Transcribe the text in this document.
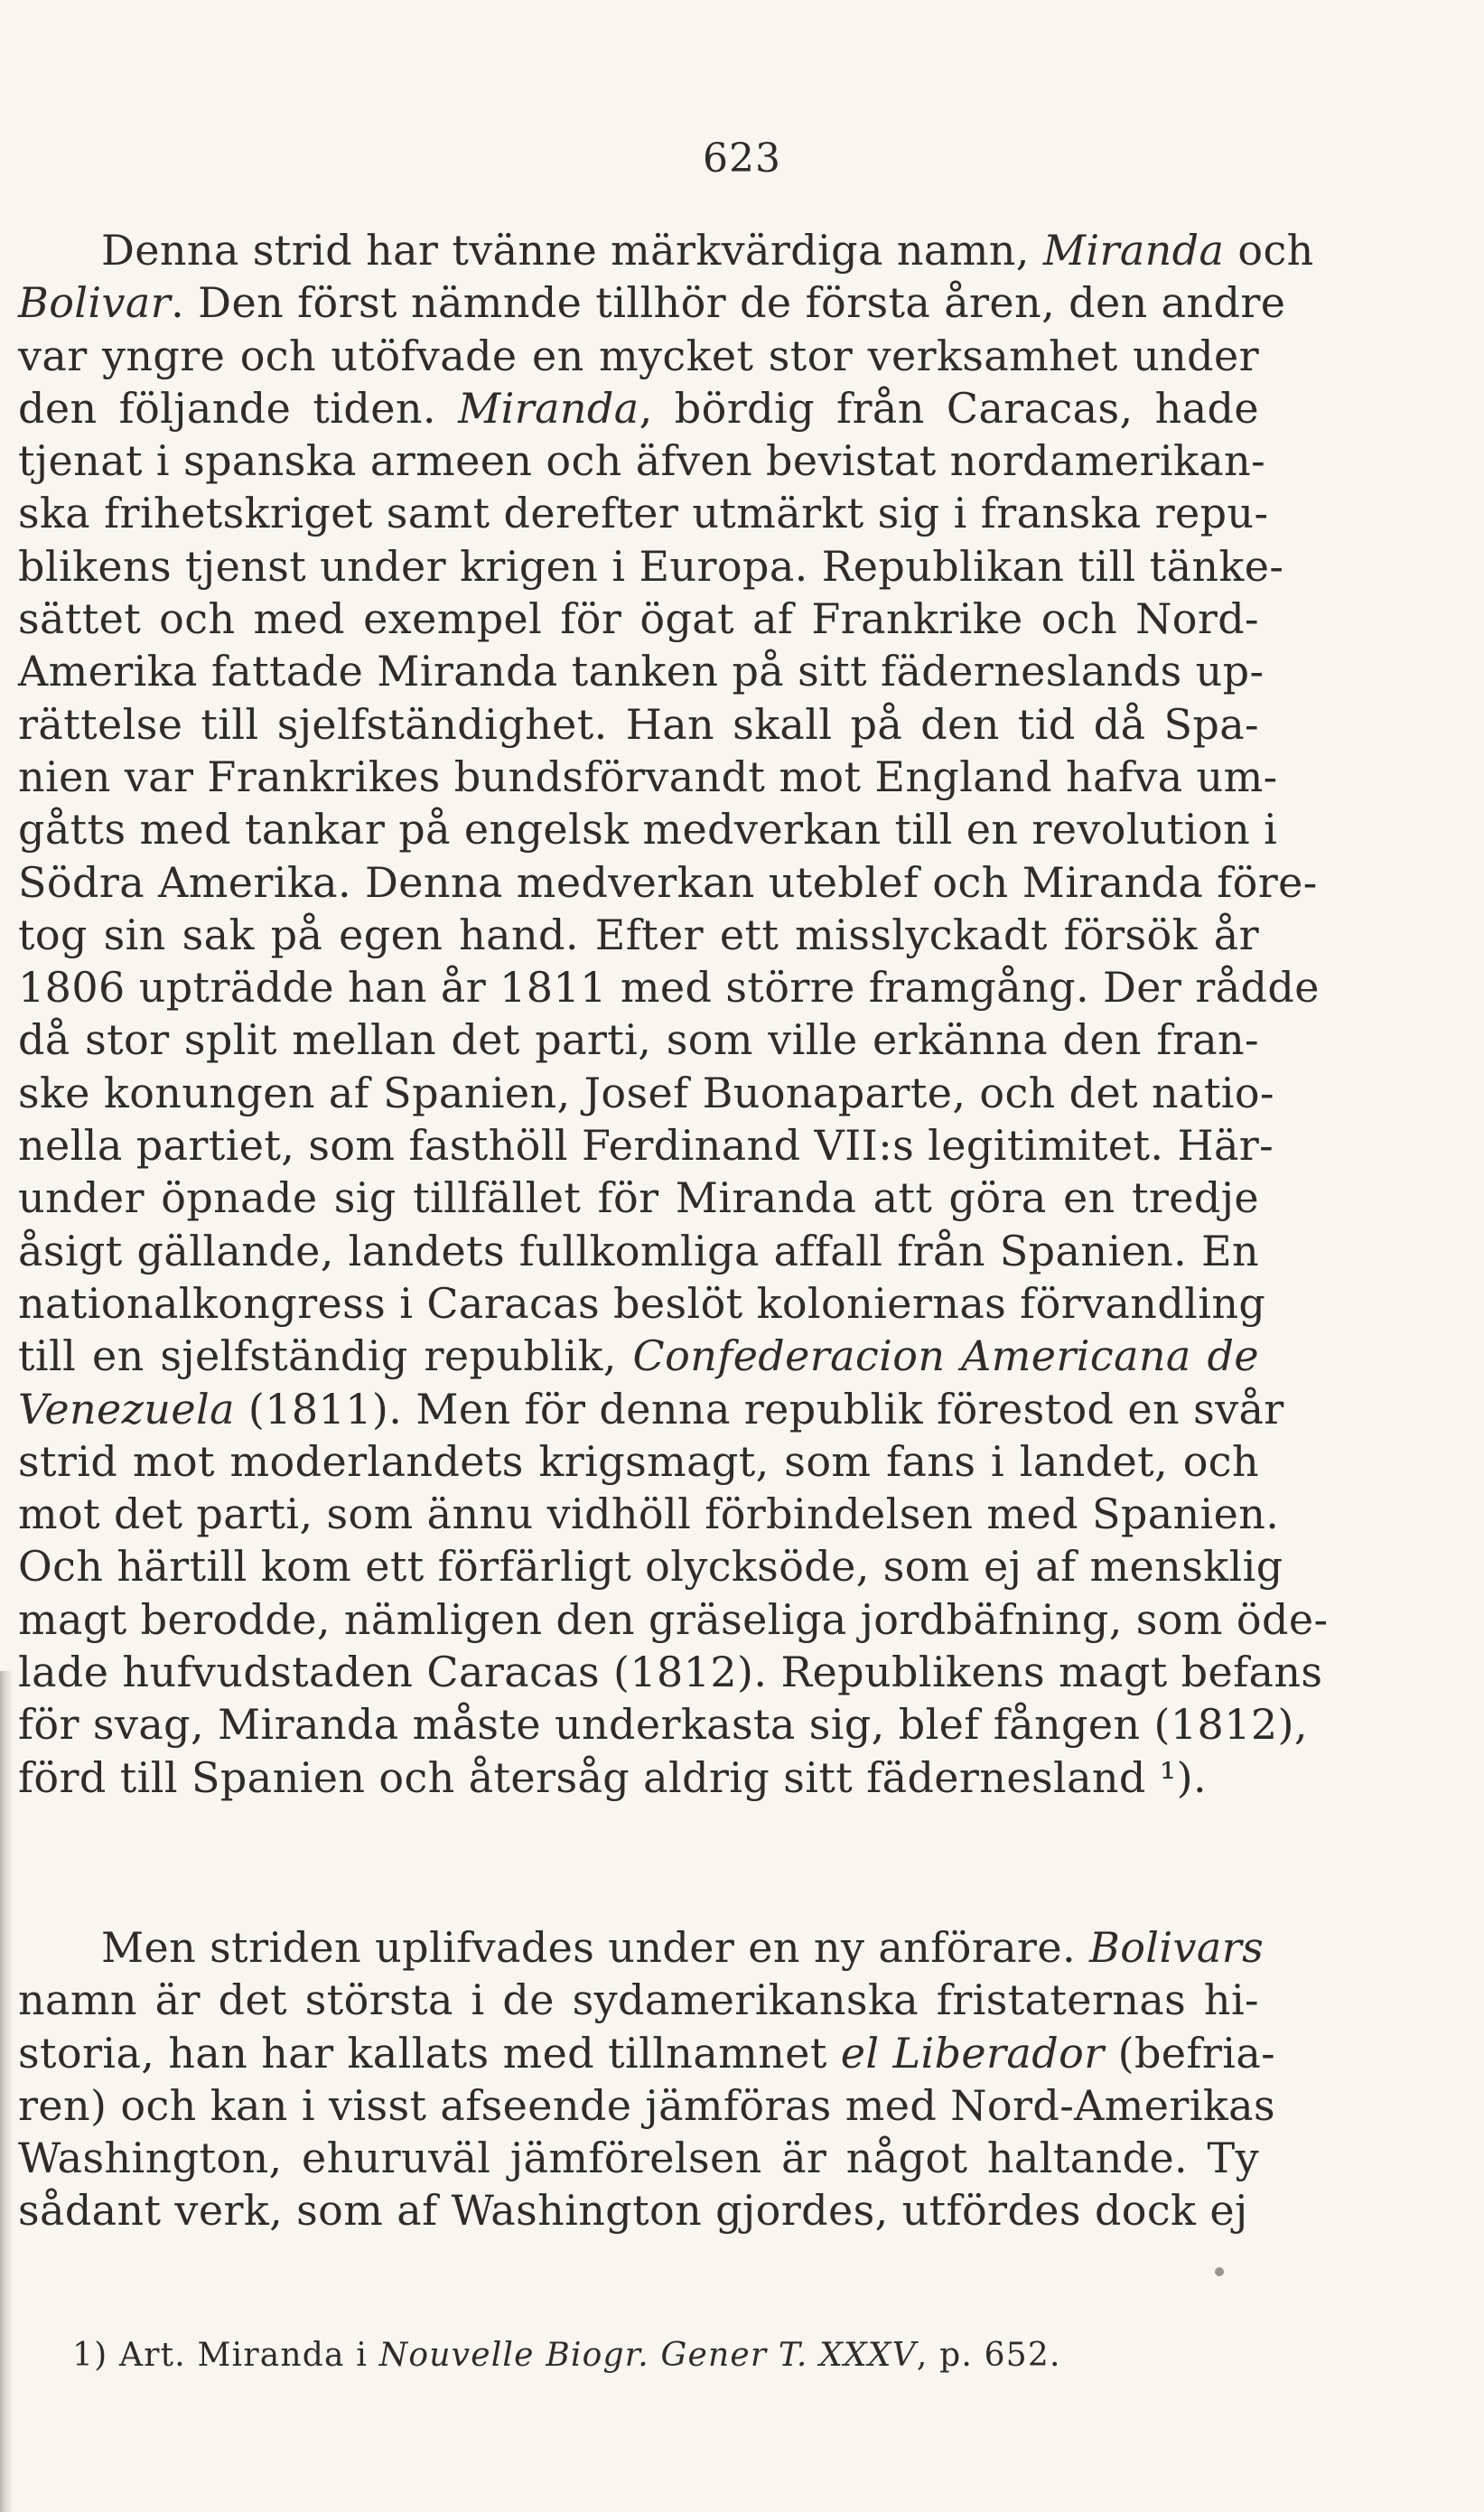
623
Denna strid har tvänne märkvärdiga namn, Miranda och
Bolivar. Den först nämnde tillhör de första åren, den andre
var yngre och utöfvade en mycket stor verksamhet under
den följande tiden. Miranda, bördig från Caracas, hade
tjenat i spanska armeen och äfven bevistat nordamerikan-
ska frihetskriget samt derefter utmärkt sig i franska repu-
blikens tjenst under krigen i Europa. Republikan till tänke-
sättet och med exempel för ögat af Frankrike och Nord-
Amerika fattade Miranda tanken på sitt fäderneslands up-
rättelse till sjelfständighet. Han skall på den tid då Spa-
nien var Frankrikes bundsförvandt mot England hafva um-
gåtts med tankar på engelsk medverkan till en revolution i
Södra Amerika. Denna medverkan uteblef och Miranda före-
tog sin sak på egen hand. Efter ett misslyckadt försök år
1806 upträdde han år 1811 med större framgång. Der rådde
då stor split mellan det parti, som ville erkänna den fran-
ske konungen af Spanien, Josef Buonaparte, och det natio-
nella partiet, som fasthöll Ferdinand VII:s legitimitet. Här-
under öpnade sig tillfället för Miranda att göra en tredje
åsigt gällande, landets fullkomliga affall från Spanien. En
nationalkongress i Caracas beslöt koloniernas förvandling
till en sjelfständig republik, Confederacion Americana de
Venezuela (1811). Men för denna republik förestod en svår
strid mot moderlandets krigsmagt, som fans i landet, och
mot det parti, som ännu vidhöll förbindelsen med Spanien.
Och härtill kom ett förfärligt olycksöde, som ej af mensklig
magt berodde, nämligen den gräseliga jordbäfning, som öde-
lade hufvudstaden Caracas (1812). Republikens magt befans
för svag, Miranda måste underkasta sig, blef fången (1812),
förd till Spanien och återsåg aldrig sitt fädernesland ¹).
Men striden uplifvades under en ny anförare. Bolivars
namn är det största i de sydamerikanska fristaternas hi-
storia, han har kallats med tillnamnet el Liberador (befria-
ren) och kan i visst afseende jämföras med Nord-Amerikas
Washington, ehuruväl jämförelsen är något haltande. Ty
sådant verk, som af Washington gjordes, utfördes dock ej
1) Art. Miranda i Nouvelle Biogr. Gener T. XXXV, p. 652.
